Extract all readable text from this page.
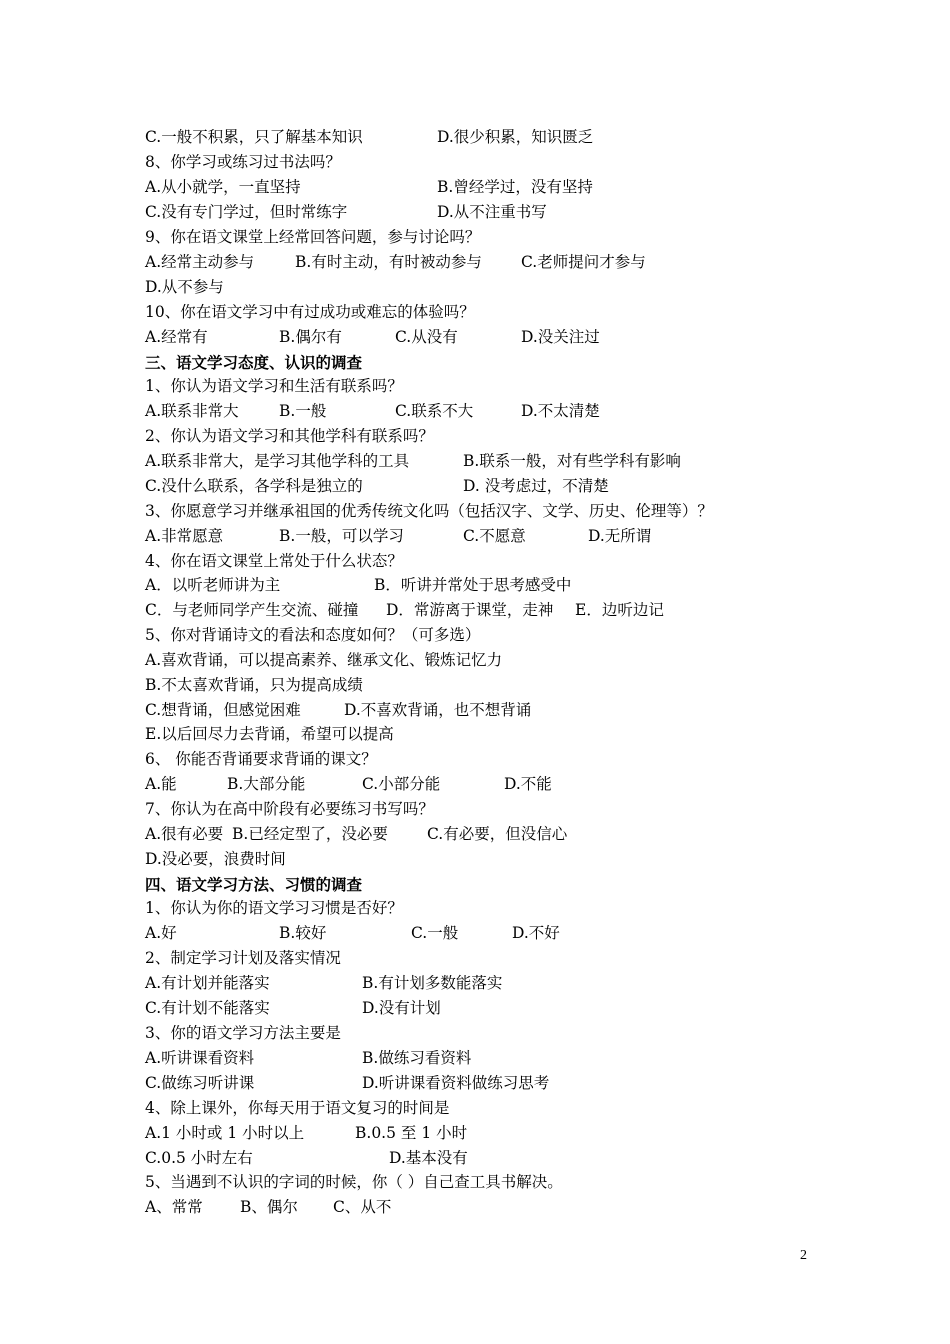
C.一般不积累，只了解基本知识	D.很少积累，知识匮乏
8、你学习或练习过书法吗？
A.从小就学，一直坚持	B.曾经学过，没有坚持
C.没有专门学过，但时常练字	D.从不注重书写
9、你在语文课堂上经常回答问题，参与讨论吗？
A.经常主动参与	B.有时主动，有时被动参与	C.老师提问才参与
D.从不参与
10、你在语文学习中有过成功或难忘的体验吗？
A.经常有	B.偶尔有	C.从没有	D.没关注过
三、语文学习态度、认识的调查
1、你认为语文学习和生活有联系吗？
A.联系非常大	B.一般	C.联系不大	D.不太清楚
2、你认为语文学习和其他学科有联系吗？
A.联系非常大，是学习其他学科的工具	B.联系一般，对有些学科有影响
C.没什么联系，各学科是独立的	D. 没考虑过，不清楚
3、你愿意学习并继承祖国的优秀传统文化吗（包括汉字、文学、历史、伦理等）？
A.非常愿意	B.一般，可以学习	C.不愿意	D.无所谓
4、你在语文课堂上常处于什么状态？
A．以听老师讲为主	B．听讲并常处于思考感受中
C．与老师同学产生交流、碰撞 D．常游离于课堂，走神 E．边听边记
5、你对背诵诗文的看法和态度如何？（可多选）
A.喜欢背诵，可以提高素养、继承文化、锻炼记忆力
B.不太喜欢背诵，只为提高成绩
C.想背诵，但感觉困难	D.不喜欢背诵，也不想背诵
E.以后回尽力去背诵，希望可以提高
6、 你能否背诵要求背诵的课文？
A.能	B.大部分能	C.小部分能	D.不能
7、你认为在高中阶段有必要练习书写吗？
A.很有必要 B.已经定型了，没必要	C.有必要，但没信心
D.没必要，浪费时间
四、语文学习方法、习惯的调查
1、你认为你的语文学习习惯是否好？
A.好	B.较好	C.一般	D.不好
2、制定学习计划及落实情况
A.有计划并能落实	B.有计划多数能落实
C.有计划不能落实	D.没有计划
3、你的语文学习方法主要是
A.听讲课看资料	B.做练习看资料
C.做练习听讲课	D.听讲课看资料做练习思考
4、除上课外，你每天用于语文复习的时间是
A.1 小时或 1 小时以上	B.0.5 至 1 小时
C.0.5 小时左右	D.基本没有
5、当遇到不认识的字词的时候，你（ ）自己查工具书解决。
A、常常 B、偶尔 C、从不
2
